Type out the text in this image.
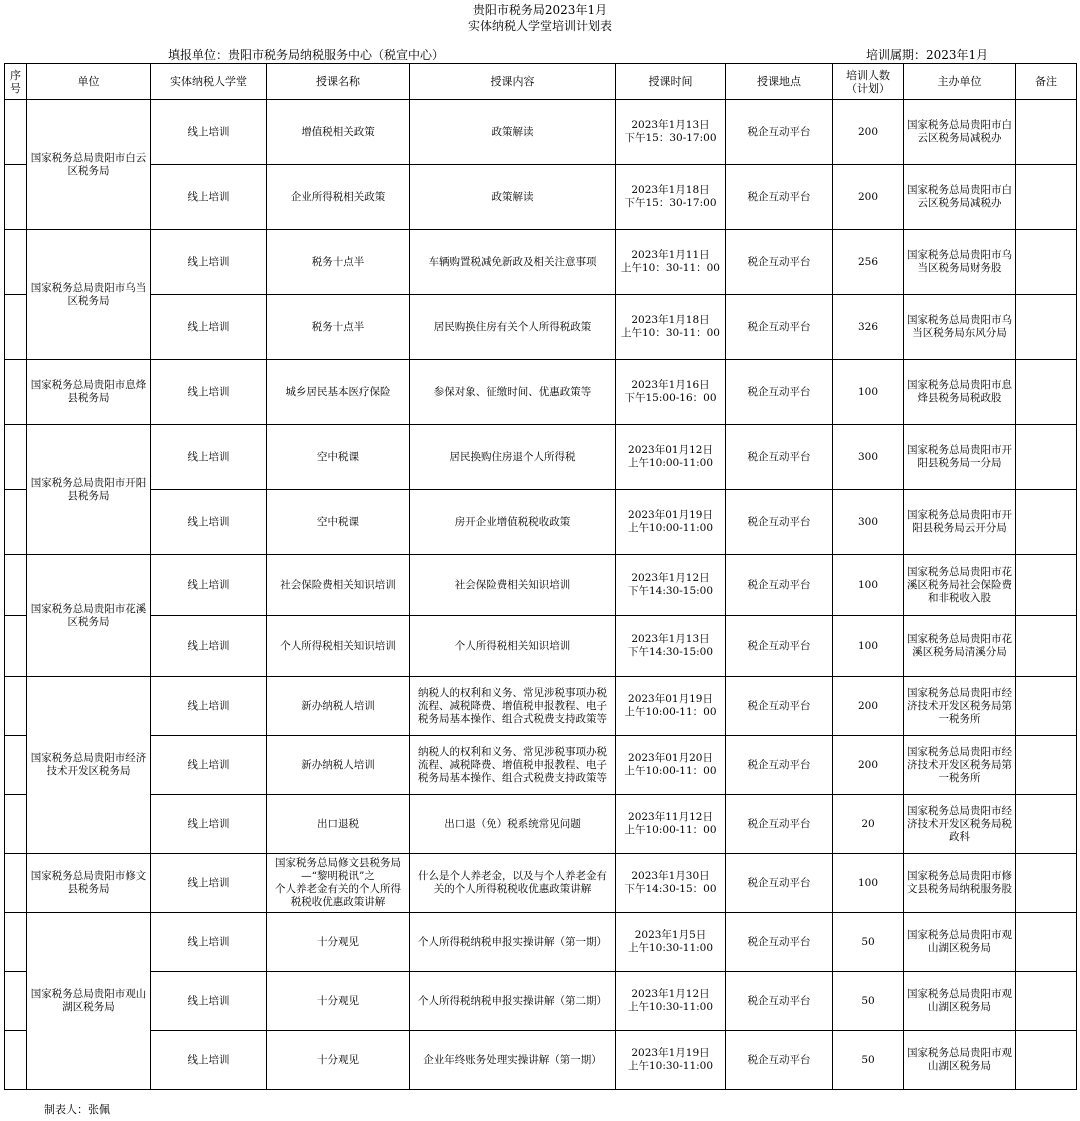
贵阳市税务局2023年1月
实体纳税人学堂培训计划表
填报单位：贵阳市税务局纳税服务中心（税宣中心）	培训属期：2023年1月
序号	单位	实体纳税人学堂	授课名称	授课内容	授课时间	授课地点	培训人数（计划）	主办单位	备注
	国家税务总局贵阳市白云区税务局	线上培训	增值税相关政策	政策解读	2023年1月13日
下午15：30-17:00	税企互动平台	200	国家税务总局贵阳市白云区税务局减税办	
		线上培训	企业所得税相关政策	政策解读	2023年1月18日
下午15：30-17:00	税企互动平台	200	国家税务总局贵阳市白云区税务局减税办	
	国家税务总局贵阳市乌当区税务局	线上培训	税务十点半	车辆购置税减免新政及相关注意事项	2023年1月11日
上午10：30-11：00	税企互动平台	256	国家税务总局贵阳市乌当区税务局财务股	
		线上培训	税务十点半	居民购换住房有关个人所得税政策	2023年1月18日
上午10：30-11：00	税企互动平台	326	国家税务总局贵阳市乌当区税务局东风分局	
	国家税务总局贵阳市息烽县税务局	线上培训	城乡居民基本医疗保险	参保对象、征缴时间、优惠政策等	2023年1月16日
下午15:00-16：00	税企互动平台	100	国家税务总局贵阳市息烽县税务局税政股	
	国家税务总局贵阳市开阳县税务局	线上培训	空中税课	居民换购住房退个人所得税	2023年01月12日
上午10:00-11:00	税企互动平台	300	国家税务总局贵阳市开阳县税务局一分局	
		线上培训	空中税课	房开企业增值税税收政策	2023年01月19日
上午10:00-11:00	税企互动平台	300	国家税务总局贵阳市开阳县税务局云开分局	
	国家税务总局贵阳市花溪区税务局	线上培训	社会保险费相关知识培训	社会保险费相关知识培训	2023年1月12日
下午14:30-15:00	税企互动平台	100	国家税务总局贵阳市花溪区税务局社会保险费和非税收入股	
		线上培训	个人所得税相关知识培训	个人所得税相关知识培训	2023年1月13日
下午14:30-15:00	税企互动平台	100	国家税务总局贵阳市花溪区税务局清溪分局	
	国家税务总局贵阳市经济技术开发区税务局	线上培训	新办纳税人培训	纳税人的权利和义务、常见涉税事项办税流程、减税降费、增值税申报教程、电子税务局基本操作、组合式税费支持政策等	2023年01月19日
上午10:00-11：00	税企互动平台	200	国家税务总局贵阳市经济技术开发区税务局第一税务所	
		线上培训	新办纳税人培训	纳税人的权利和义务、常见涉税事项办税流程、减税降费、增值税申报教程、电子税务局基本操作、组合式税费支持政策等	2023年01月20日
上午10:00-11：00	税企互动平台	200	国家税务总局贵阳市经济技术开发区税务局第一税务所	
		线上培训	出口退税	出口退（免）税系统常见问题	2023年11月12日
上午10:00-11：00	税企互动平台	20	国家税务总局贵阳市经济技术开发区税务局税政科	
	国家税务总局贵阳市修文县税务局	线上培训	国家税务总局修文县税务局—“黎明税讯”之
个人养老金有关的个人所得税税收优惠政策讲解	什么是个人养老金，以及与个人养老金有关的个人所得税税收优惠政策讲解	2023年1月30日
下午14:30-15：00	税企互动平台	100	国家税务总局贵阳市修文县税务局纳税服务股	
	国家税务总局贵阳市观山湖区税务局	线上培训	十分观见	个人所得税纳税申报实操讲解（第一期）	2023年1月5日
上午10:30-11:00	税企互动平台	50	国家税务总局贵阳市观山湖区税务局	
		线上培训	十分观见	个人所得税纳税申报实操讲解（第二期）	2023年1月12日
上午10:30-11:00	税企互动平台	50	国家税务总局贵阳市观山湖区税务局	
		线上培训	十分观见	企业年终账务处理实操讲解（第一期）	2023年1月19日
上午10:30-11:00	税企互动平台	50	国家税务总局贵阳市观山湖区税务局	
制表人：张佩
